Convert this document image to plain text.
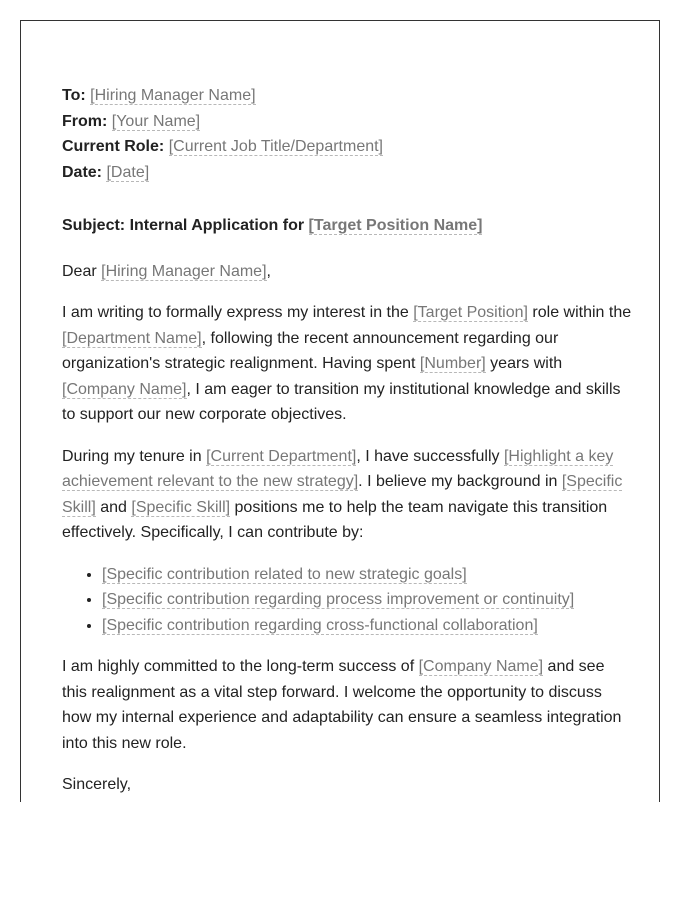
To: [Hiring Manager Name]
From: [Your Name]
Current Role: [Current Job Title/Department]
Date: [Date]
Subject: Internal Application for [Target Position Name]
Dear [Hiring Manager Name],

I am writing to formally express my interest in the [Target Position] role within the [Department Name], following the recent announcement regarding our organization's strategic realignment. Having spent [Number] years with [Company Name], I am eager to transition my institutional knowledge and skills to support our new corporate objectives.

During my tenure in [Current Department], I have successfully [Highlight a key achievement relevant to the new strategy]. I believe my background in [Specific Skill] and [Specific Skill] positions me to help the team navigate this transition effectively. Specifically, I can contribute by:

• [Specific contribution related to new strategic goals]
• [Specific contribution regarding process improvement or continuity]
• [Specific contribution regarding cross-functional collaboration]

I am highly committed to the long-term success of [Company Name] and see this realignment as a vital step forward. I welcome the opportunity to discuss how my internal experience and adaptability can ensure a seamless integration into this new role.

Sincerely,
